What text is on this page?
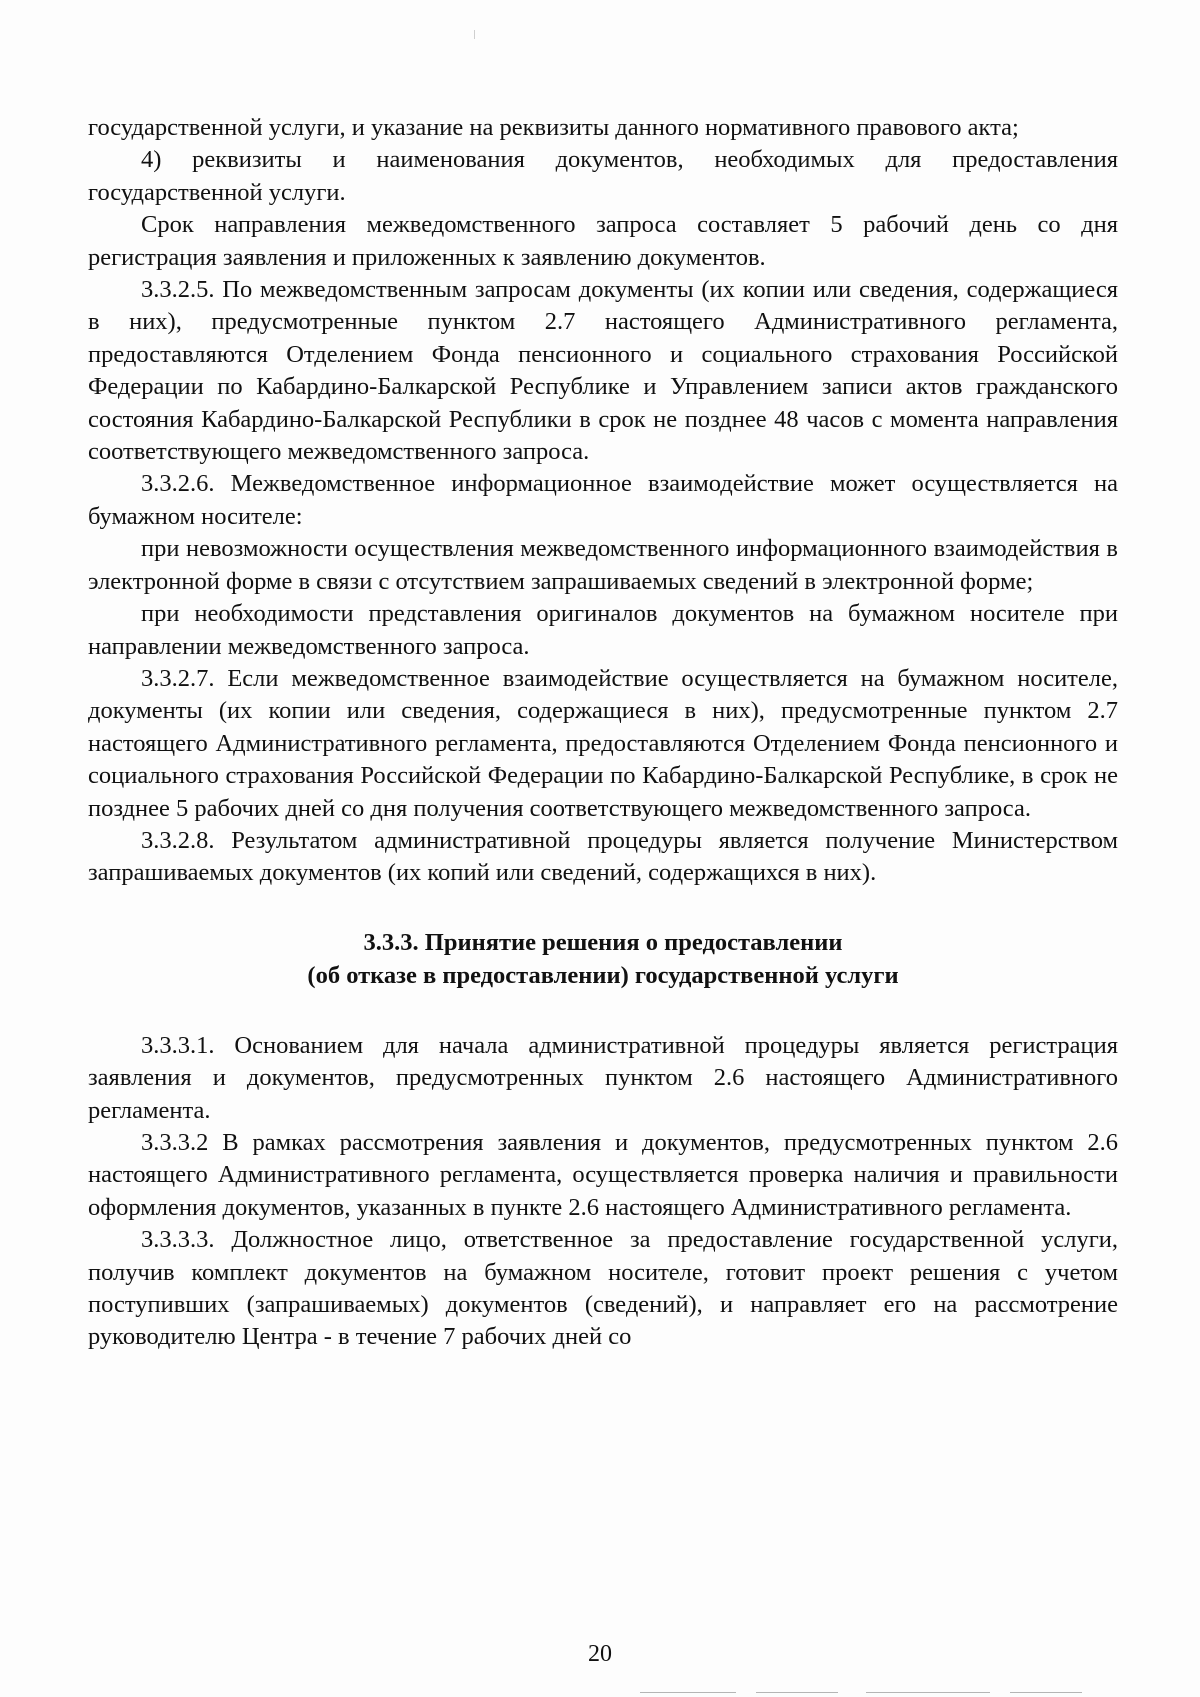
государственной услуги, и указание на реквизиты данного нормативного правового акта;

4) реквизиты и наименования документов, необходимых для предоставления государственной услуги.

Срок направления межведомственного запроса составляет 5 рабочий день со дня регистрация заявления и приложенных к заявлению документов.

3.3.2.5. По межведомственным запросам документы (их копии или сведения, содержащиеся в них), предусмотренные пунктом 2.7 настоящего Административного регламента, предоставляются Отделением Фонда пенсионного и социального страхования Российской Федерации по Кабардино-Балкарской Республике и Управлением записи актов гражданского состояния Кабардино-Балкарской Республики в срок не позднее 48 часов с момента направления соответствующего межведомственного запроса.

3.3.2.6. Межведомственное информационное взаимодействие может осуществляется на бумажном носителе:

при невозможности осуществления межведомственного информационного взаимодействия в электронной форме в связи с отсутствием запрашиваемых сведений в электронной форме;

при необходимости представления оригиналов документов на бумажном носителе при направлении межведомственного запроса.

3.3.2.7. Если межведомственное взаимодействие осуществляется на бумажном носителе, документы (их копии или сведения, содержащиеся в них), предусмотренные пунктом 2.7 настоящего Административного регламента, предоставляются Отделением Фонда пенсионного и социального страхования Российской Федерации по Кабардино-Балкарской Республике, в срок не позднее 5 рабочих дней со дня получения соответствующего межведомственного запроса.

3.3.2.8. Результатом административной процедуры является получение Министерством запрашиваемых документов (их копий или сведений, содержащихся в них).

3.3.3. Принятие решения о предоставлении
(об отказе в предоставлении) государственной услуги

3.3.3.1. Основанием для начала административной процедуры является регистрация заявления и документов, предусмотренных пунктом 2.6 настоящего Административного регламента.

3.3.3.2 В рамках рассмотрения заявления и документов, предусмотренных пунктом 2.6 настоящего Административного регламента, осуществляется проверка наличия и правильности оформления документов, указанных в пункте 2.6 настоящего Административного регламента.

3.3.3.3. Должностное лицо, ответственное за предоставление государственной услуги, получив комплект документов на бумажном носителе, готовит проект решения с учетом поступивших (запрашиваемых) документов (сведений), и направляет его на рассмотрение руководителю Центра - в течение 7 рабочих дней со

20
